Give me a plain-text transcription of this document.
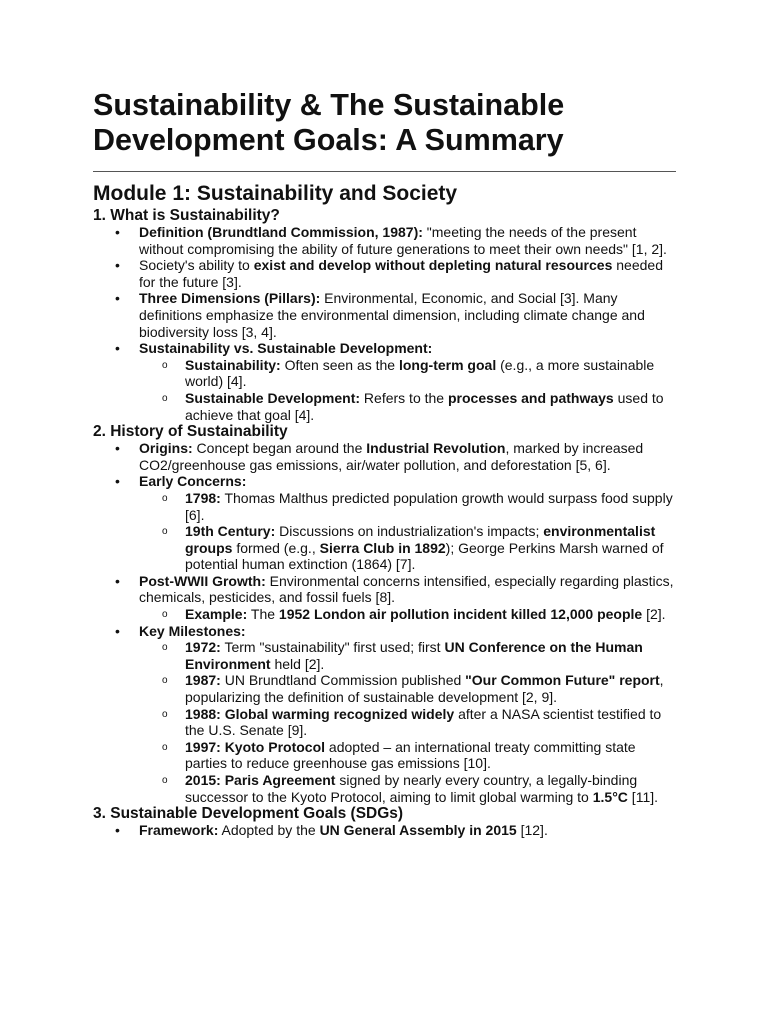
Sustainability & The Sustainable
Development Goals: A Summary
Module 1: Sustainability and Society
1. What is Sustainability?
• Definition (Brundtland Commission, 1987): "meeting the needs of the present without compromising the ability of future generations to meet their own needs" [1, 2].
• Society's ability to exist and develop without depleting natural resources needed for the future [3].
• Three Dimensions (Pillars): Environmental, Economic, and Social [3]. Many definitions emphasize the environmental dimension, including climate change and biodiversity loss [3, 4].
• Sustainability vs. Sustainable Development:
o Sustainability: Often seen as the long-term goal (e.g., a more sustainable world) [4].
o Sustainable Development: Refers to the processes and pathways used to achieve that goal [4].
2. History of Sustainability
• Origins: Concept began around the Industrial Revolution, marked by increased CO2/greenhouse gas emissions, air/water pollution, and deforestation [5, 6].
• Early Concerns:
o 1798: Thomas Malthus predicted population growth would surpass food supply [6].
o 19th Century: Discussions on industrialization's impacts; environmentalist groups formed (e.g., Sierra Club in 1892); George Perkins Marsh warned of potential human extinction (1864) [7].
• Post-WWII Growth: Environmental concerns intensified, especially regarding plastics, chemicals, pesticides, and fossil fuels [8].
o Example: The 1952 London air pollution incident killed 12,000 people [2].
• Key Milestones:
o 1972: Term "sustainability" first used; first UN Conference on the Human Environment held [2].
o 1987: UN Brundtland Commission published "Our Common Future" report, popularizing the definition of sustainable development [2, 9].
o 1988: Global warming recognized widely after a NASA scientist testified to the U.S. Senate [9].
o 1997: Kyoto Protocol adopted – an international treaty committing state parties to reduce greenhouse gas emissions [10].
o 2015: Paris Agreement signed by nearly every country, a legally-binding successor to the Kyoto Protocol, aiming to limit global warming to 1.5°C [11].
3. Sustainable Development Goals (SDGs)
• Framework: Adopted by the UN General Assembly in 2015 [12].
